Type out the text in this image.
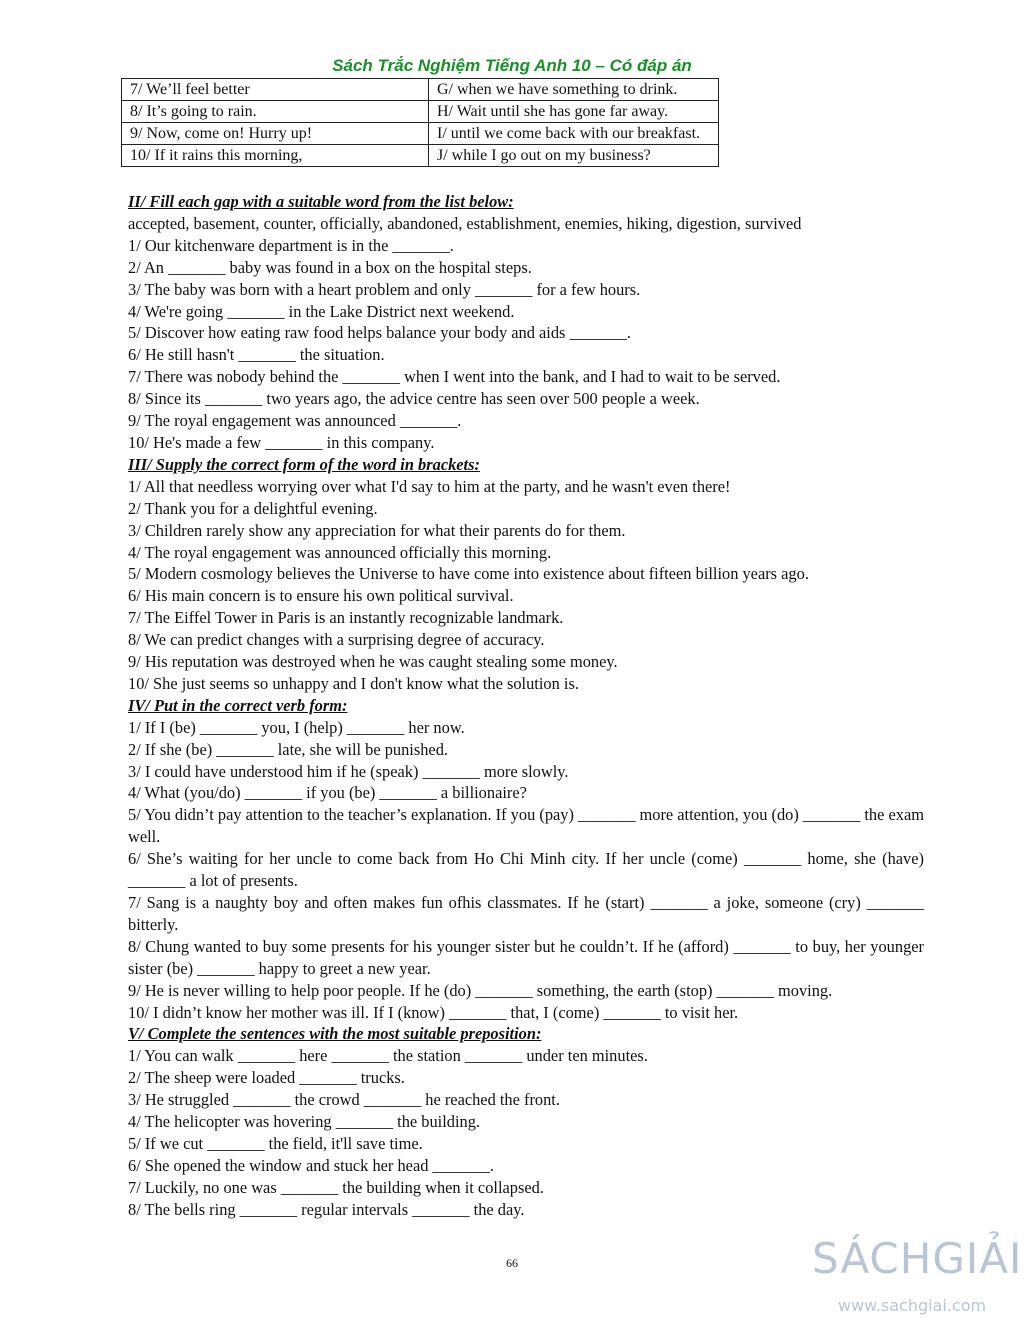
Sách Trắc Nghiệm Tiếng Anh 10 – Có đáp án
7/ We’ll feel better	G/ when we have something to drink.
8/ It’s going to rain.	H/ Wait until she has gone far away.
9/ Now, come on! Hurry up!	I/ until we come back with our breakfast.
10/ If it rains this morning,	J/ while I go out on my business?
II/ Fill each gap with a suitable word from the list below:
accepted, basement, counter, officially, abandoned, establishment, enemies, hiking, digestion, survived
1/ Our kitchenware department is in the _______.
2/ An _______ baby was found in a box on the hospital steps.
3/ The baby was born with a heart problem and only _______ for a few hours.
4/ We're going _______ in the Lake District next weekend.
5/ Discover how eating raw food helps balance your body and aids _______.
6/ He still hasn't _______ the situation.
7/ There was nobody behind the _______ when I went into the bank, and I had to wait to be served.
8/ Since its _______ two years ago, the advice centre has seen over 500 people a week.
9/ The royal engagement was announced _______.
10/ He's made a few _______ in this company.
III/ Supply the correct form of the word in brackets:
1/ All that needless worrying over what I'd say to him at the party, and he wasn't even there!
2/ Thank you for a delightful evening.
3/ Children rarely show any appreciation for what their parents do for them.
4/ The royal engagement was announced officially this morning.
5/ Modern cosmology believes the Universe to have come into existence about fifteen billion years ago.
6/ His main concern is to ensure his own political survival.
7/ The Eiffel Tower in Paris is an instantly recognizable landmark.
8/ We can predict changes with a surprising degree of accuracy.
9/ His reputation was destroyed when he was caught stealing some money.
10/ She just seems so unhappy and I don't know what the solution is.
IV/ Put in the correct verb form:
1/ If I (be) _______ you, I (help) _______ her now.
2/ If she (be) _______ late, she will be punished.
3/ I could have understood him if he (speak) _______ more slowly.
4/ What (you/do) _______ if you (be) _______ a billionaire?
5/ You didn’t pay attention to the teacher’s explanation. If you (pay) _______ more attention, you (do) _______ the exam well.
6/ She’s waiting for her uncle to come back from Ho Chi Minh city. If her uncle (come) _______ home, she (have) _______ a lot of presents.
7/ Sang is a naughty boy and often makes fun ofhis classmates. If he (start) _______ a joke, someone (cry) _______ bitterly.
8/ Chung wanted to buy some presents for his younger sister but he couldn’t. If he (afford) _______ to buy, her younger sister (be) _______ happy to greet a new year.
9/ He is never willing to help poor people. If he (do) _______ something, the earth (stop) _______ moving.
10/ I didn’t know her mother was ill. If I (know) _______ that, I (come) _______ to visit her.
V/ Complete the sentences with the most suitable preposition:
1/ You can walk _______ here _______ the station _______ under ten minutes.
2/ The sheep were loaded _______ trucks.
3/ He struggled _______ the crowd _______ he reached the front.
4/ The helicopter was hovering _______ the building.
5/ If we cut _______ the field, it'll save time.
6/ She opened the window and stuck her head _______.
7/ Luckily, no one was _______ the building when it collapsed.
8/ The bells ring _______ regular intervals _______ the day.
66	SÁCHGIẢI
www.sachgiai.com
